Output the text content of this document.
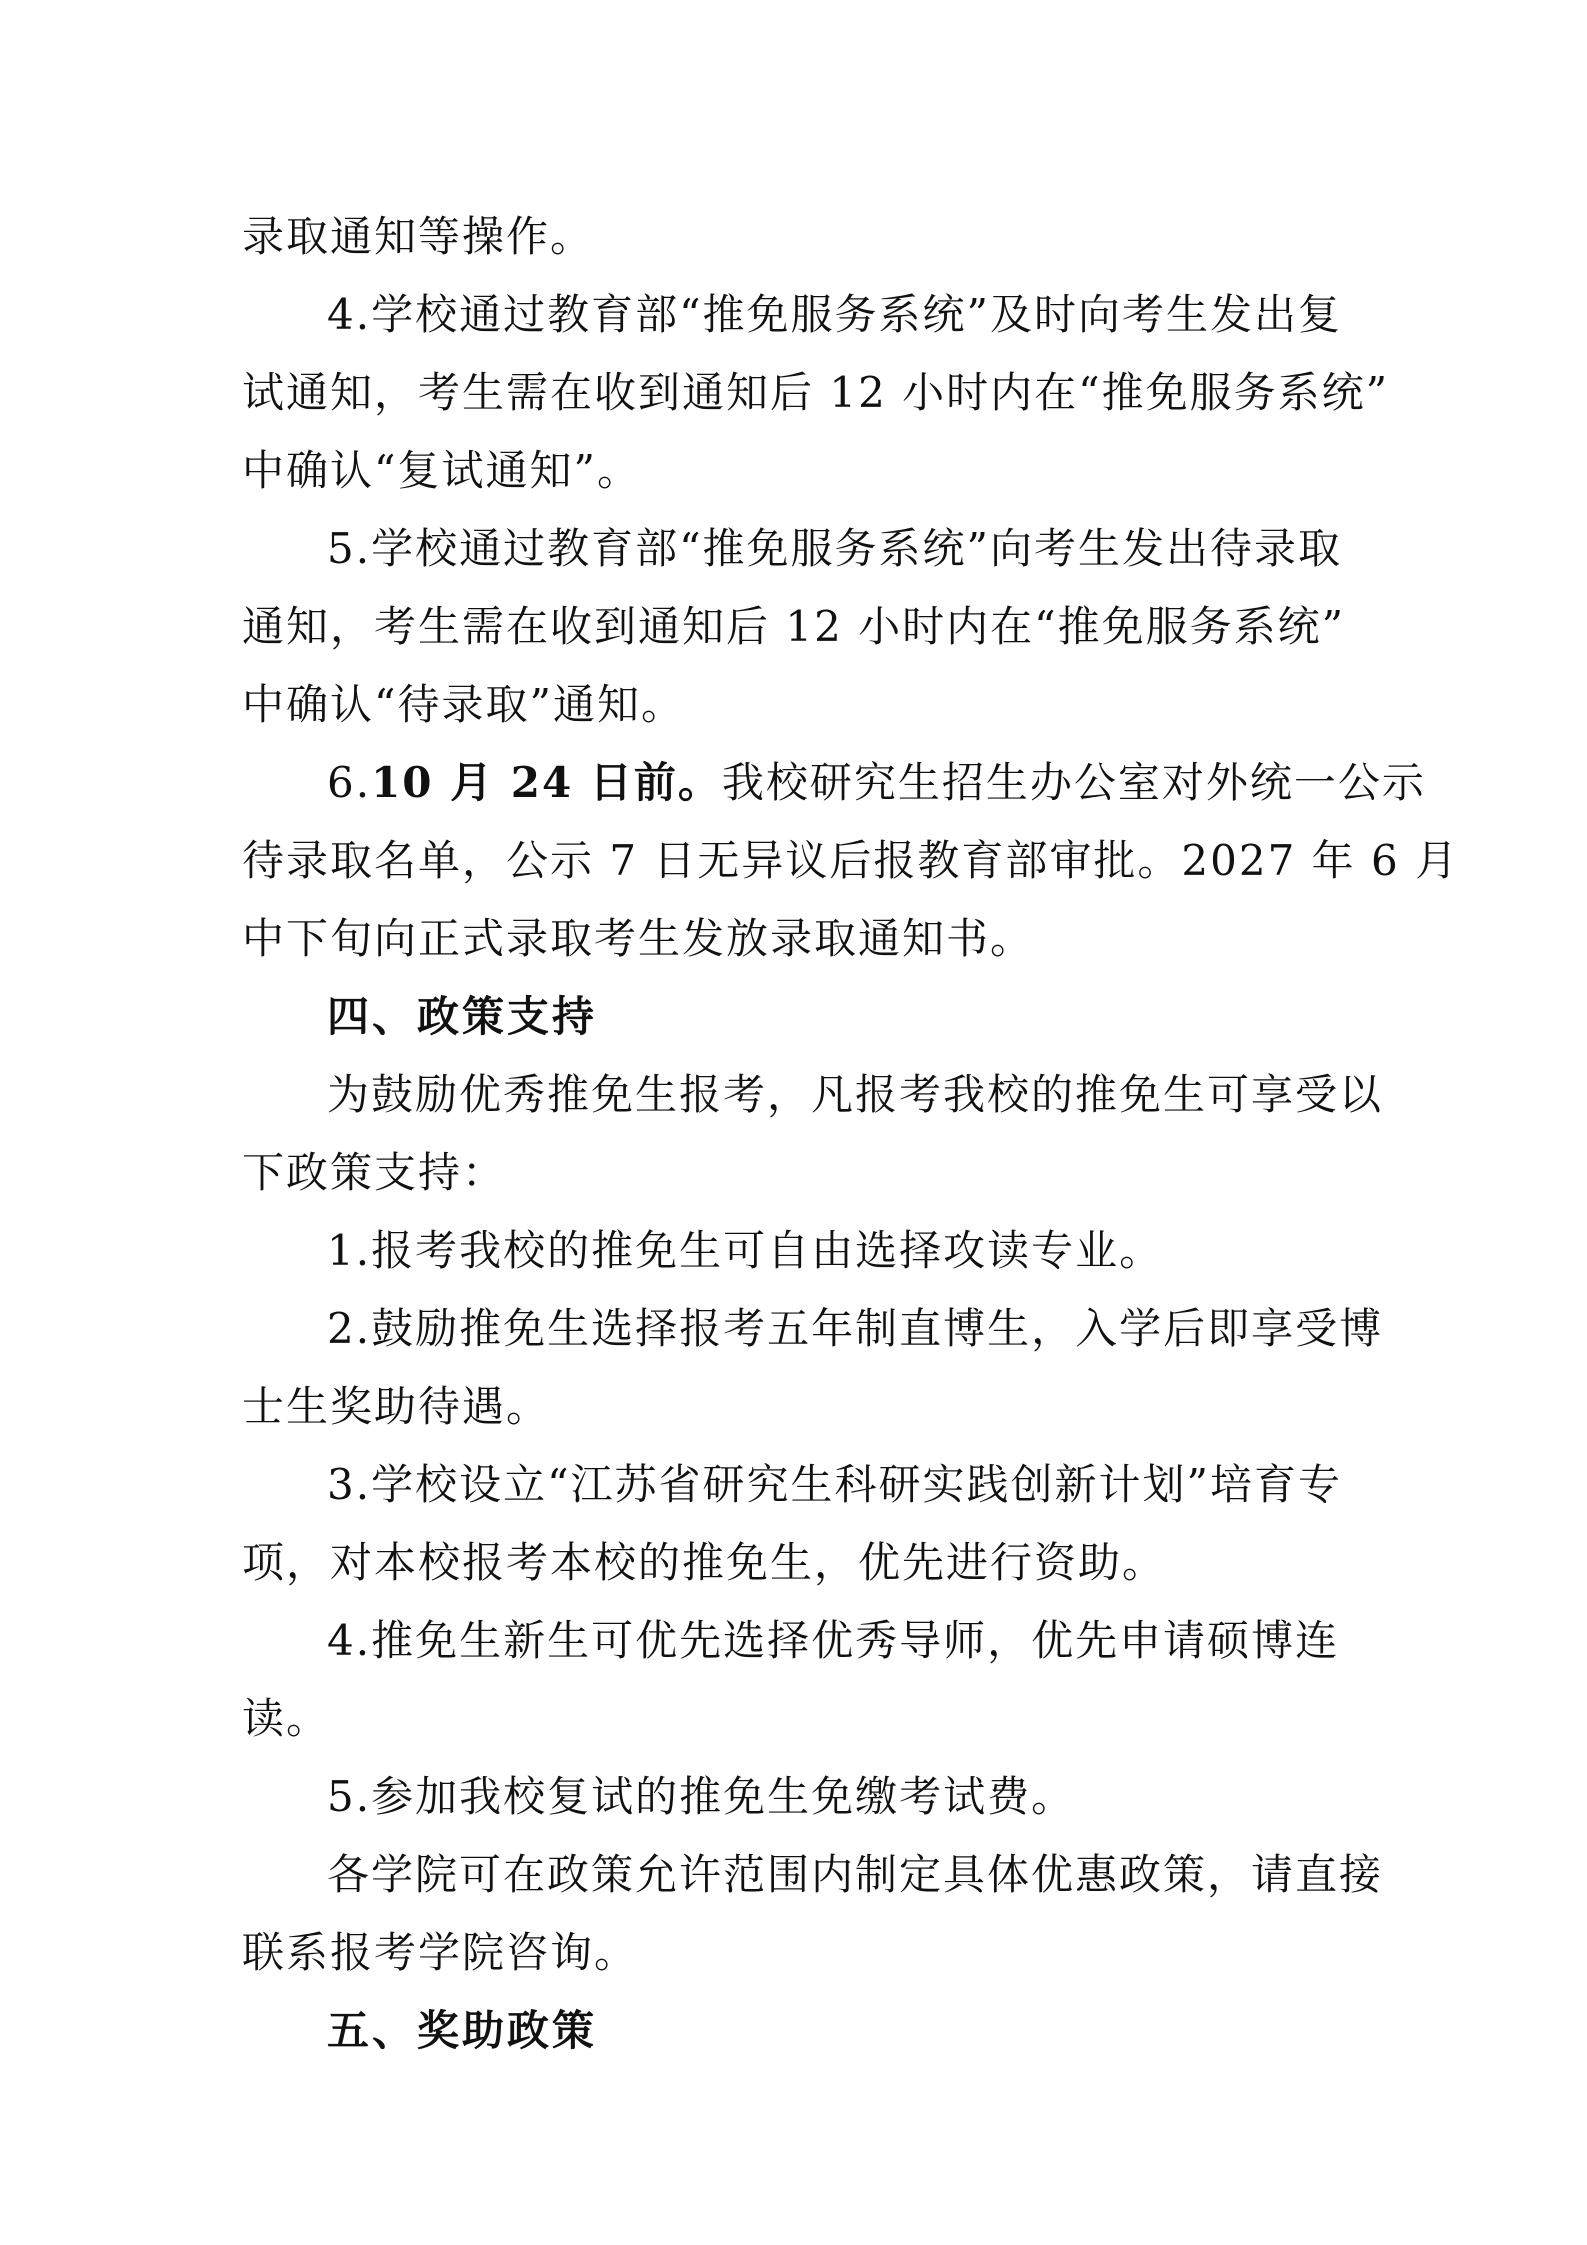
录取通知等操作。
4.学校通过教育部“推免服务系统”及时向考生发出复
试通知，考生需在收到通知后 12 小时内在“推免服务系统”
中确认“复试通知”。
5.学校通过教育部“推免服务系统”向考生发出待录取
通知，考生需在收到通知后 12 小时内在“推免服务系统”
中确认“待录取”通知。
6.10 月 24 日前。我校研究生招生办公室对外统一公示
待录取名单，公示 7 日无异议后报教育部审批。2027 年 6 月
中下旬向正式录取考生发放录取通知书。
四、政策支持
为鼓励优秀推免生报考，凡报考我校的推免生可享受以
下政策支持：
1.报考我校的推免生可自由选择攻读专业。
2.鼓励推免生选择报考五年制直博生，入学后即享受博
士生奖助待遇。
3.学校设立“江苏省研究生科研实践创新计划”培育专
项，对本校报考本校的推免生，优先进行资助。
4.推免生新生可优先选择优秀导师，优先申请硕博连
读。
5.参加我校复试的推免生免缴考试费。
各学院可在政策允许范围内制定具体优惠政策，请直接
联系报考学院咨询。
五、奖助政策
